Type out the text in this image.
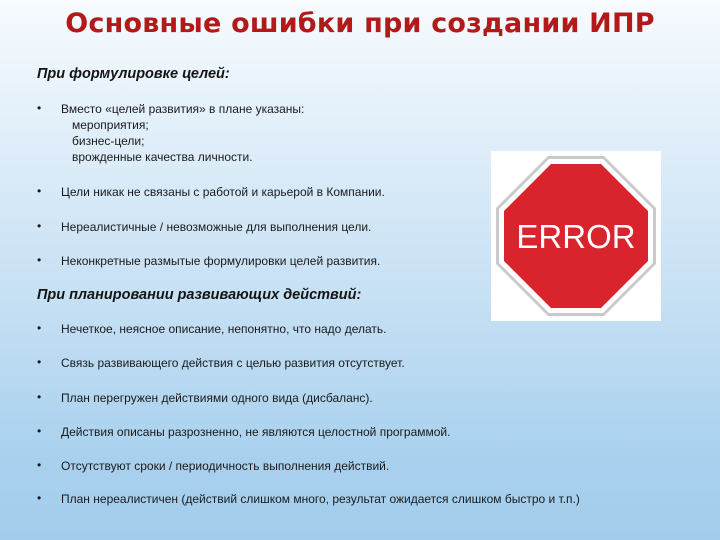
Основные ошибки при создании ИПР
При формулировке целей:
• Вместо «целей развития» в плане указаны:
мероприятия;
бизнес-цели;
врожденные качества личности.
• Цели никак не связаны с работой и карьерой в Компании.
• Нереалистичные / невозможные для выполнения цели.
• Неконкретные размытые формулировки целей развития.
При планировании развивающих действий:
• Нечеткое, неясное описание, непонятно, что надо делать.
• Связь развивающего действия с целью развития отсутствует.
• План перегружен действиями одного вида (дисбаланс).
• Действия описаны разрозненно, не являются целостной программой.
• Отсутствуют сроки / периодичность выполнения действий.
• План нереалистичен (действий слишком много, результат ожидается слишком быстро и т.п.)
ERROR
